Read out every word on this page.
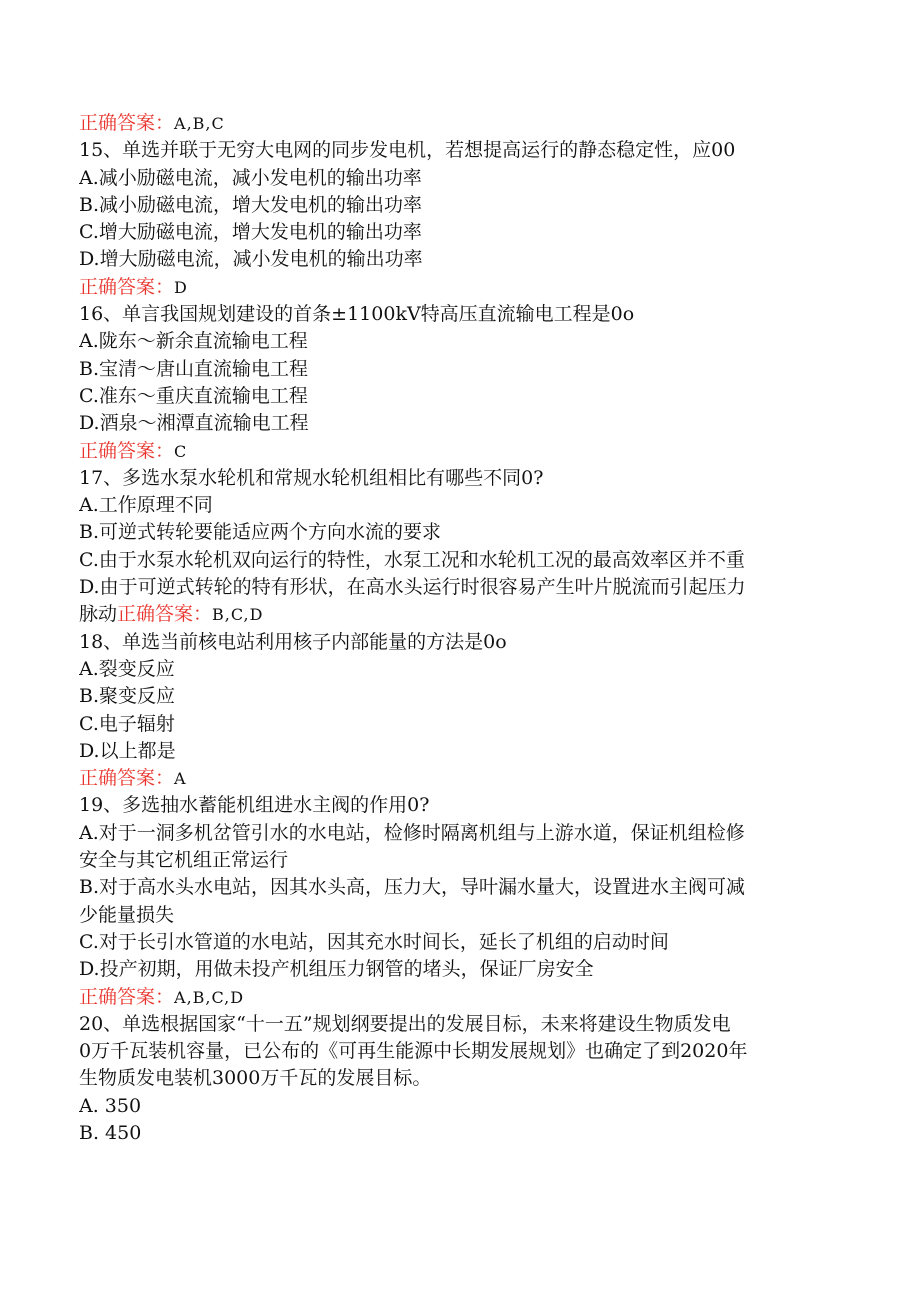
正确答案：A,B,C
15、单选并联于无穷大电网的同步发电机，若想提高运行的静态稳定性，应00
A.减小励磁电流，减小发电机的输出功率
B.减小励磁电流，增大发电机的输出功率
C.增大励磁电流，增大发电机的输出功率
D.增大励磁电流，减小发电机的输出功率
正确答案：D
16、单言我国规划建设的首条±1100kV特高压直流输电工程是0o
A.陇东～新余直流输电工程
B.宝清～唐山直流输电工程
C.准东～重庆直流输电工程
D.酒泉～湘潭直流输电工程
正确答案：C
17、多选水泵水轮机和常规水轮机组相比有哪些不同0?
A.工作原理不同
B.可逆式转轮要能适应两个方向水流的要求
C.由于水泵水轮机双向运行的特性，水泵工况和水轮机工况的最高效率区并不重
D.由于可逆式转轮的特有形状，在高水头运行时很容易产生叶片脱流而引起压力
脉动正确答案：B,C,D
18、单选当前核电站利用核子内部能量的方法是0o
A.裂变反应
B.聚变反应
C.电子辐射
D.以上都是
正确答案：A
19、多选抽水蓄能机组进水主阀的作用0?
A.对于一洞多机岔管引水的水电站，检修时隔离机组与上游水道，保证机组检修
安全与其它机组正常运行
B.对于高水头水电站，因其水头高，压力大，导叶漏水量大，设置进水主阀可减
少能量损失
C.对于长引水管道的水电站，因其充水时间长，延长了机组的启动时间
D.投产初期，用做未投产机组压力钢管的堵头，保证厂房安全
正确答案：A,B,C,D
20、单选根据国家“十一五”规划纲要提出的发展目标，未来将建设生物质发电
0万千瓦装机容量，已公布的《可再生能源中长期发展规划》也确定了到2020年
生物质发电装机3000万千瓦的发展目标。
A. 350
B. 450
